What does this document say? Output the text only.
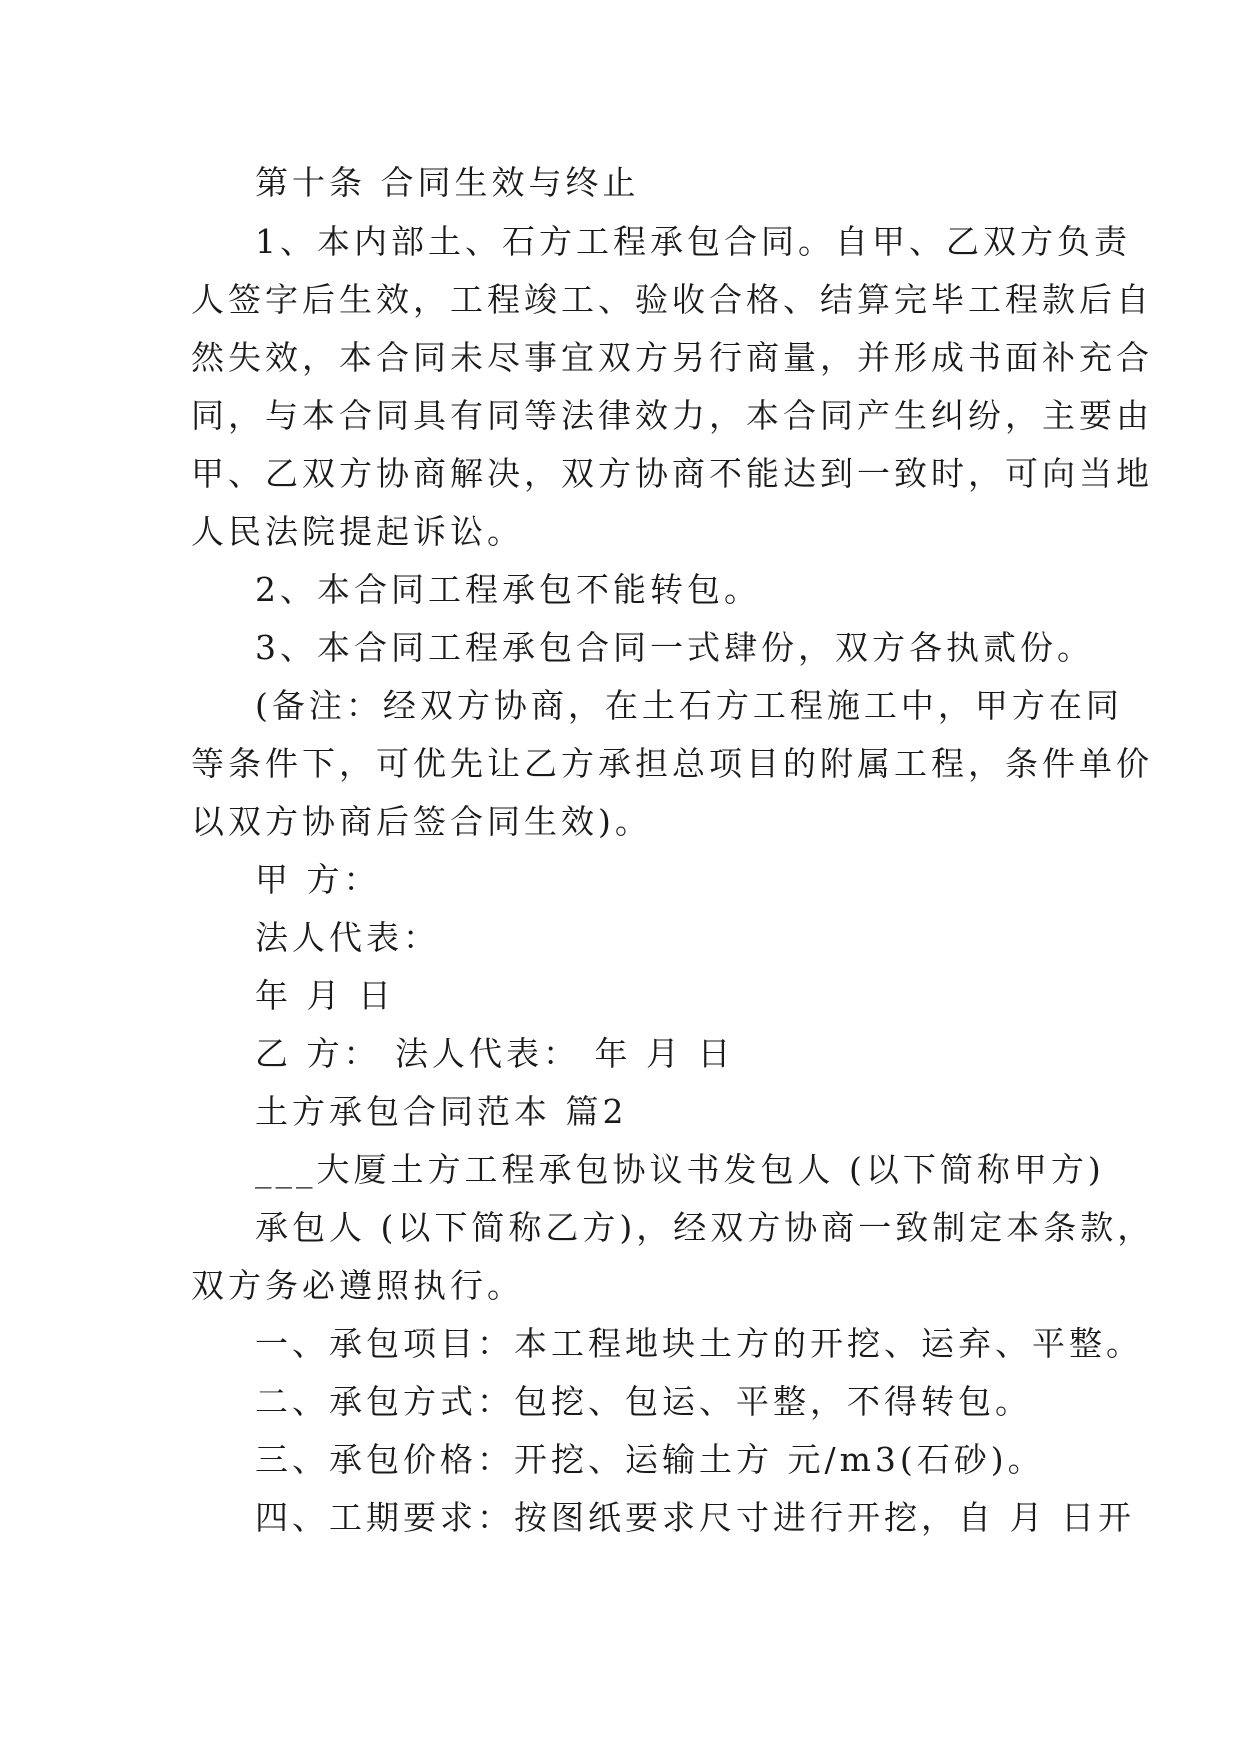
第十条 合同生效与终止
1、本内部土、石方工程承包合同。自甲、乙双方负责
人签字后生效，工程竣工、验收合格、结算完毕工程款后自
然失效，本合同未尽事宜双方另行商量，并形成书面补充合
同，与本合同具有同等法律效力，本合同产生纠纷，主要由
甲、乙双方协商解决，双方协商不能达到一致时，可向当地
人民法院提起诉讼。
2、本合同工程承包不能转包。
3、本合同工程承包合同一式肆份，双方各执贰份。
(备注：经双方协商，在土石方工程施工中，甲方在同
等条件下，可优先让乙方承担总项目的附属工程，条件单价
以双方协商后签合同生效)。
甲 方：
法人代表：
年 月 日
乙 方： 法人代表： 年 月 日
土方承包合同范本 篇2
___大厦土方工程承包协议书发包人 (以下简称甲方)
承包人 (以下简称乙方)，经双方协商一致制定本条款，
双方务必遵照执行。
一、承包项目：本工程地块土方的开挖、运弃、平整。
二、承包方式：包挖、包运、平整，不得转包。
三、承包价格：开挖、运输土方 元/m3(石砂)。
四、工期要求：按图纸要求尺寸进行开挖，自 月 日开
